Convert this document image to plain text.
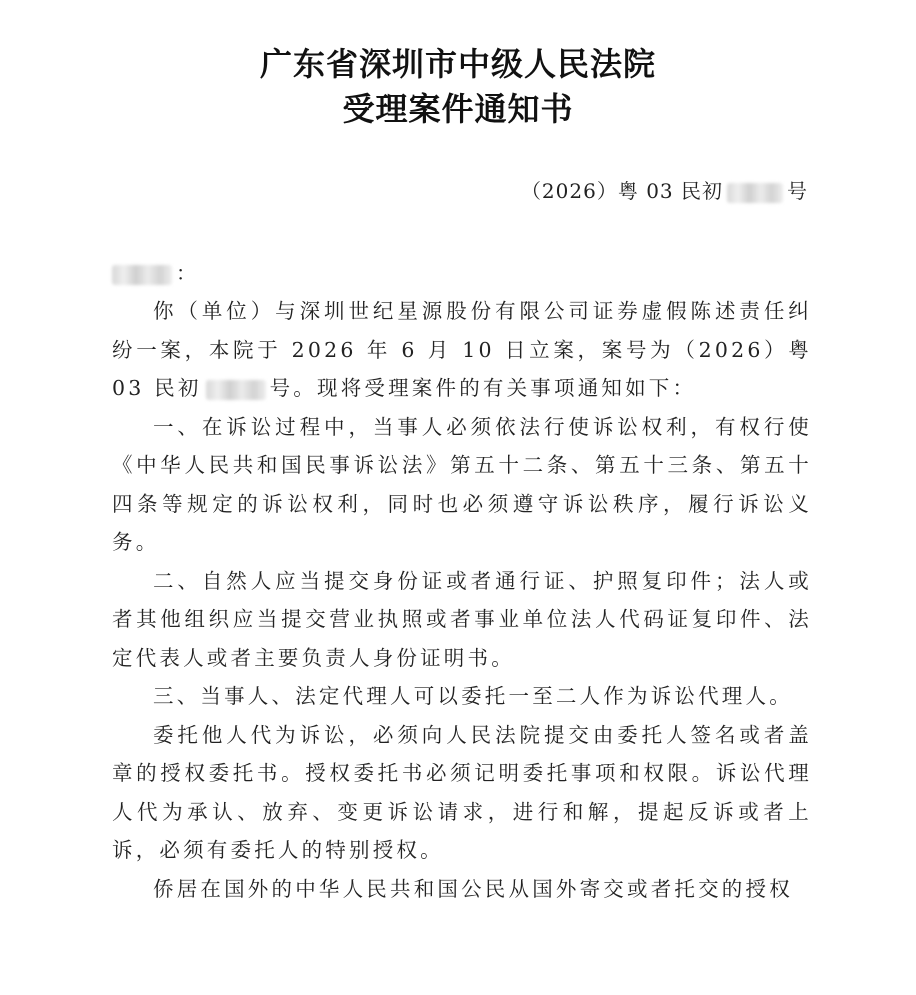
广东省深圳市中级人民法院
受理案件通知书
（2026）粤 03 民初	号
：

你（单位）与深圳世纪星源股份有限公司证券虚假陈述责任纠纷一案，本院于 2026 年 6 月 10 日立案，案号为（2026）粤 03 民初	号。现将受理案件的有关事项通知如下：

一、在诉讼过程中，当事人必须依法行使诉讼权利，有权行使《中华人民共和国民事诉讼法》第五十二条、第五十三条、第五十四条等规定的诉讼权利，同时也必须遵守诉讼秩序，履行诉讼义务。

二、自然人应当提交身份证或者通行证、护照复印件；法人或者其他组织应当提交营业执照或者事业单位法人代码证复印件、法定代表人或者主要负责人身份证明书。

三、当事人、法定代理人可以委托一至二人作为诉讼代理人。

委托他人代为诉讼，必须向人民法院提交由委托人签名或者盖章的授权委托书。授权委托书必须记明委托事项和权限。诉讼代理人代为承认、放弃、变更诉讼请求，进行和解，提起反诉或者上诉，必须有委托人的特别授权。

侨居在国外的中华人民共和国公民从国外寄交或者托交的授权
